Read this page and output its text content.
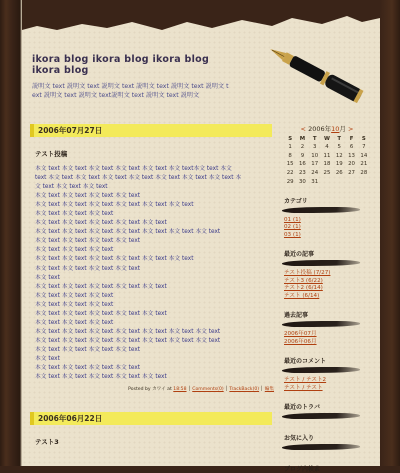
ikora blog ikora blog ikora blog ikora blog
説明文 text 説明文 text 説明文 text 説明文 text 説明文 text 説明文 text 説明文 text 説明文 text説明文 text 説明文 text 説明文
2006年07月27日
テスト投稿
本文 text 本文 text 本文 text 本文 text 本文 text 本文 text本文 text 本文
text 本文 text 本文 text 本文 text 本文 text 本文 text 本文 text 本文 text 本
文 text 本文 text 本文 text
本文 text 本文 text 本文 text 本文 text
本文 text 本文 text 本文 text 本文 text 本文 text 本文 text
本文 text 本文 text 本文 text
本文 text 本文 text 本文 text 本文 text 本文 text
本文 text 本文 text 本文 text 本文 text 本文 text 本文 text 本文 text
本文 text 本文 text 本文 text 本文 text
本文 text 本文 text 本文 text
本文 text 本文 text 本文 text 本文 text 本文 text 本文 text
本文 text 本文 text 本文 text 本文 text
本文 text
本文 text 本文 text 本文 text 本文 text 本文 text
本文 text 本文 text 本文 text
本文 text 本文 text 本文 text
本文 text 本文 text 本文 text 本文 text 本文 text
本文 text 本文 text 本文 text
本文 text 本文 text 本文 text 本文 text 本文 text 本文 text 本文 text
本文 text 本文 text 本文 text 本文 text 本文 text 本文 text 本文 text
本文 text 本文 text 本文 text 本文 text
本文 text
本文 text 本文 text 本文 text 本文 text
本文 text 本文 text 本文 text 本文 text 本文 text
Posted by カワイ at 18:58 │ Comments(0) │ TrackBack(0) │ 編集
2006年06月22日
テスト3
< 2006年10月 >
S	M	T	W	T	F	S
1	2	3	4	5	6	7
8	9	10	11	12	13	14
15	16	17	18	19	20	21
22	23	24	25	26	27	28
29	30	31				
カテゴリ
01 (1)
02 (1)
03 (1)
最近の記事
テスト投稿 (7/27)
テスト3 (6/22)
テスト2 (6/14)
テスト (6/14)
過去記事
2006年07月
2006年06月
最近のコメント
テスト / テスト2
テスト / テスト
最近のトラバ
お気に入り
ブログ内検索
